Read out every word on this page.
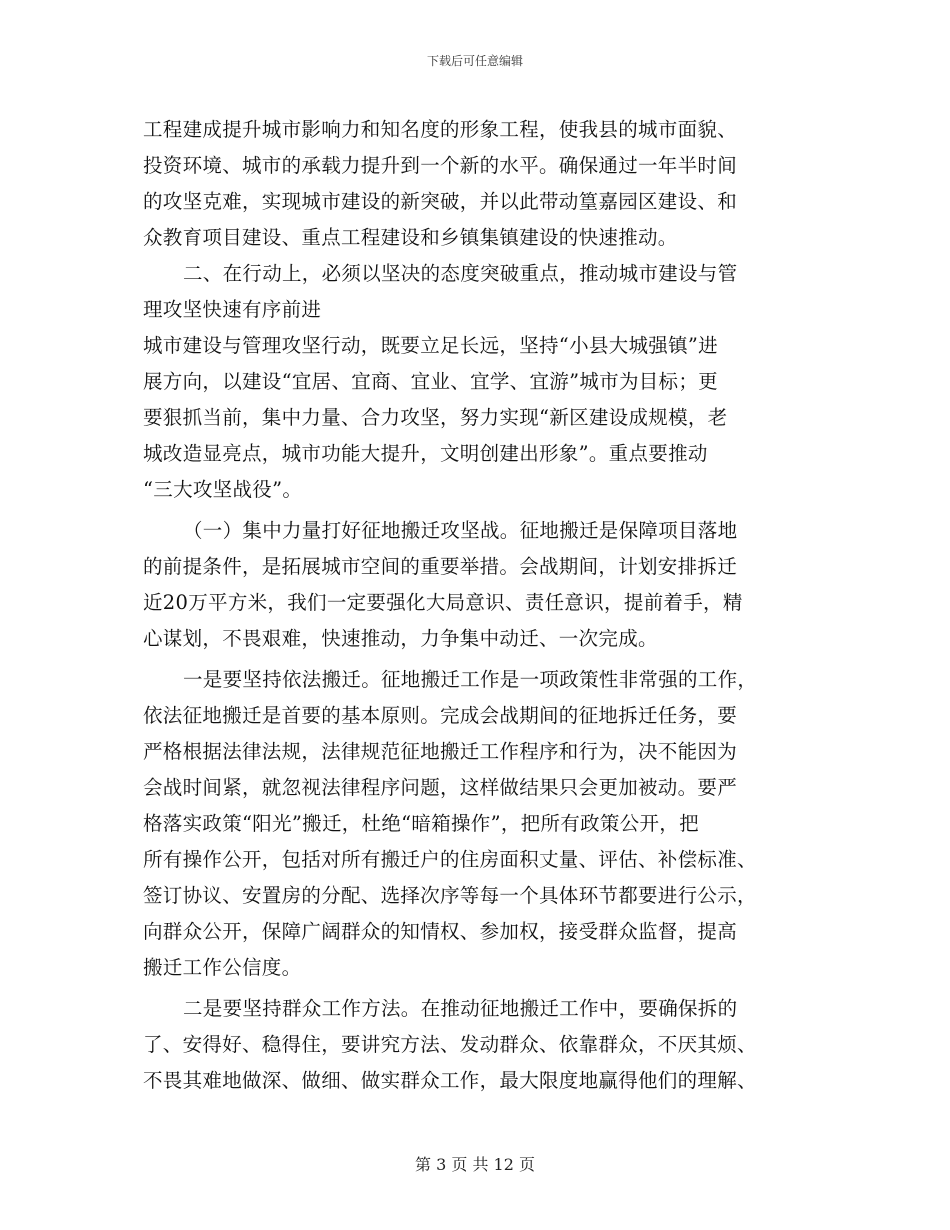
下载后可任意编辑
工程建成提升城市影响力和知名度的形象工程，使我县的城市面貌、
投资环境、城市的承载力提升到一个新的水平。确保通过一年半时间
的攻坚克难，实现城市建设的新突破，并以此带动篁嘉园区建设、和
众教育项目建设、重点工程建设和乡镇集镇建设的快速推动。
二、在行动上，必须以坚决的态度突破重点，推动城市建设与管
理攻坚快速有序前进
城市建设与管理攻坚行动，既要立足长远，坚持“小县大城强镇”进
展方向，以建设“宜居、宜商、宜业、宜学、宜游”城市为目标；更
要狠抓当前，集中力量、合力攻坚，努力实现“新区建设成规模，老
城改造显亮点，城市功能大提升，文明创建出形象”。重点要推动
“三大攻坚战役”。
（一）集中力量打好征地搬迁攻坚战。征地搬迁是保障项目落地
的前提条件，是拓展城市空间的重要举措。会战期间，计划安排拆迁
近20万平方米，我们一定要强化大局意识、责任意识，提前着手，精
心谋划，不畏艰难，快速推动，力争集中动迁、一次完成。
一是要坚持依法搬迁。征地搬迁工作是一项政策性非常强的工作，
依法征地搬迁是首要的基本原则。完成会战期间的征地拆迁任务，要
严格根据法律法规，法律规范征地搬迁工作程序和行为，决不能因为
会战时间紧，就忽视法律程序问题，这样做结果只会更加被动。要严
格落实政策“阳光”搬迁，杜绝“暗箱操作”，把所有政策公开，把
所有操作公开，包括对所有搬迁户的住房面积丈量、评估、补偿标准、
签订协议、安置房的分配、选择次序等每一个具体环节都要进行公示，
向群众公开，保障广阔群众的知情权、参加权，接受群众监督，提高
搬迁工作公信度。
二是要坚持群众工作方法。在推动征地搬迁工作中，要确保拆的
了、安得好、稳得住，要讲究方法、发动群众、依靠群众，不厌其烦、
不畏其难地做深、做细、做实群众工作，最大限度地赢得他们的理解、
第 3 页 共 12 页
